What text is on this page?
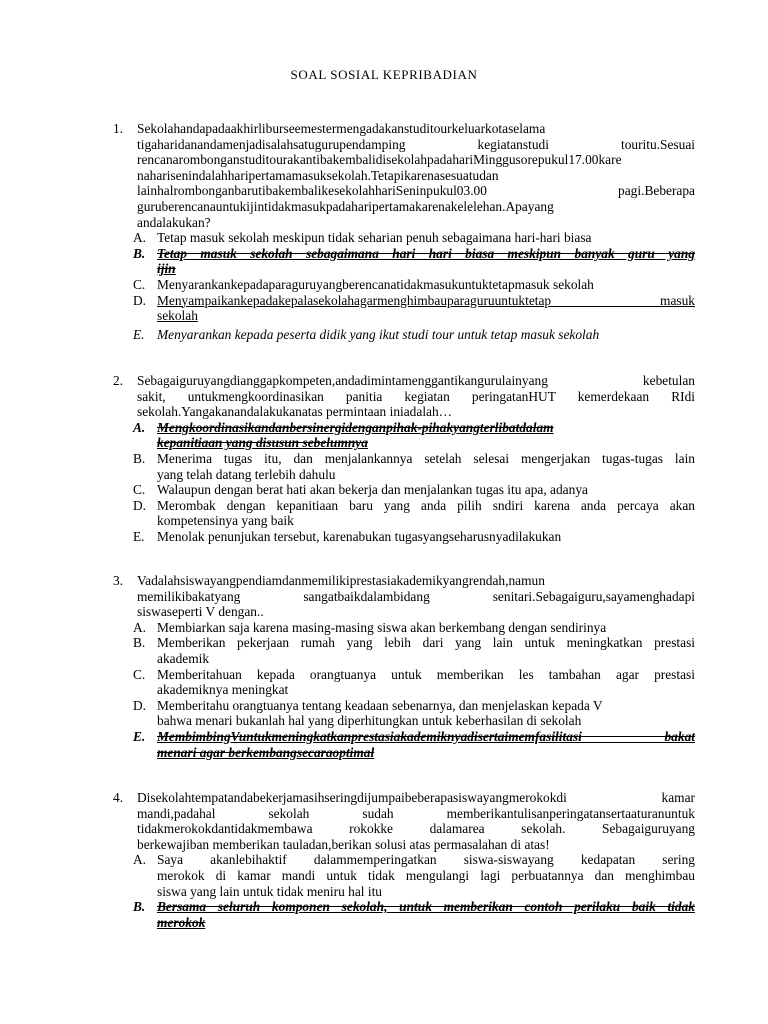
SOAL SOSIAL KEPRIBADIAN
1. Sekolahandapadaakhirliburseemestermengadakanstuditourkeluarkotaselama
tigaharidanandamenjadisalahsatugurupendamping kegiatanstudi touritu.Sesuai
rencanarombonganstuditourakantibakembalidisekolahpadahariMinggusorepukul17.00kare
naharisenindalahharipertamamasuksekolah.Tetapikarenasesuatudan
lainhalrombonganbarutibakembalikesekolahhariSeninpukul03.00 pagi.Beberapa
guruberencanauntukijintidakmasukpadaharipertamakarenakelelehan.Apayang
andalakukan?
A. Tetap masuk sekolah meskipun tidak seharian penuh sebagaimana hari-hari biasa
B. Tetap masuk sekolah sebagaimana hari hari biasa meskipun banyak guru yang
ijin
C. Menyarankankepadaparaguruyangberencanatidakmasukuntuktetapmasuk sekolah
D. Menyampaikankepadakepalasekolahagarmenghimbauparaguruuntuktetap masuk
sekolah
E. Menyarankan kepada peserta didik yang ikut studi tour untuk tetap masuk sekolah
2. Sebagaiguruyangdianggapkompeten,andadimintamenggantikangurulainyang kebetulan
sakit, untukmengkoordinasikan panitia kegiatan peringatanHUT kemerdekaan RIdi
sekolah.Yangakanandalakukanatas permintaan iniadalah…
A. Mengkoordinasikandanbersinergidenganpihak-pihakyangterlibatdalam
kepanitiaan yang disusun sebelumnya
B. Menerima tugas itu, dan menjalankannya setelah selesai mengerjakan tugas-tugas lain
yang telah datang terlebih dahulu
C. Walaupun dengan berat hati akan bekerja dan menjalankan tugas itu apa, adanya
D. Merombak dengan kepanitiaan baru yang anda pilih sndiri karena anda percaya akan
kompetensinya yang baik
E. Menolak penunjukan tersebut, karenabukan tugasyangseharusnyadilakukan
3. Vadalahsiswayangpendiamdanmemilikiprestasiakademikyangrendah,namun
memilikibakatyang sangatbaikdalambidang senitari.Sebagaiguru,sayamenghadapi
siswaseperti V dengan..
A. Membiarkan saja karena masing-masing siswa akan berkembang dengan sendirinya
B. Memberikan pekerjaan rumah yang lebih dari yang lain untuk meningkatkan prestasi
akademik
C. Memberitahuan kepada orangtuanya untuk memberikan les tambahan agar prestasi
akademiknya meningkat
D. Memberitahu orangtuanya tentang keadaan sebenarnya, dan menjelaskan kepada V
bahwa menari bukanlah hal yang diperhitungkan untuk keberhasilan di sekolah
E. MembimbingVuntukmeningkatkanprestasiakademiknyadisertaimemfasilitasi bakat
menari agar berkembangsecaraoptimal
4. Disekolahtempatandabekerjamasihseringdijumpaibeberapasiswayangmerokokdi kamar
mandi,padahal sekolah sudah memberikantulisanperingatansertaaturanuntuk
tidakmerokokdantidakmembawa rokokke dalamarea sekolah. Sebagaiguruyang
berkewajiban memberikan tauladan,berikan solusi atas permasalahan di atas!
A. Saya akanlebihaktif dalammemperingatkan siswa-siswayang kedapatan sering
merokok di kamar mandi untuk tidak mengulangi lagi perbuatannya dan menghimbau
siswa yang lain untuk tidak meniru hal itu
B. Bersama seluruh komponen sekolah, untuk memberikan contoh perilaku baik tidak
merokok
